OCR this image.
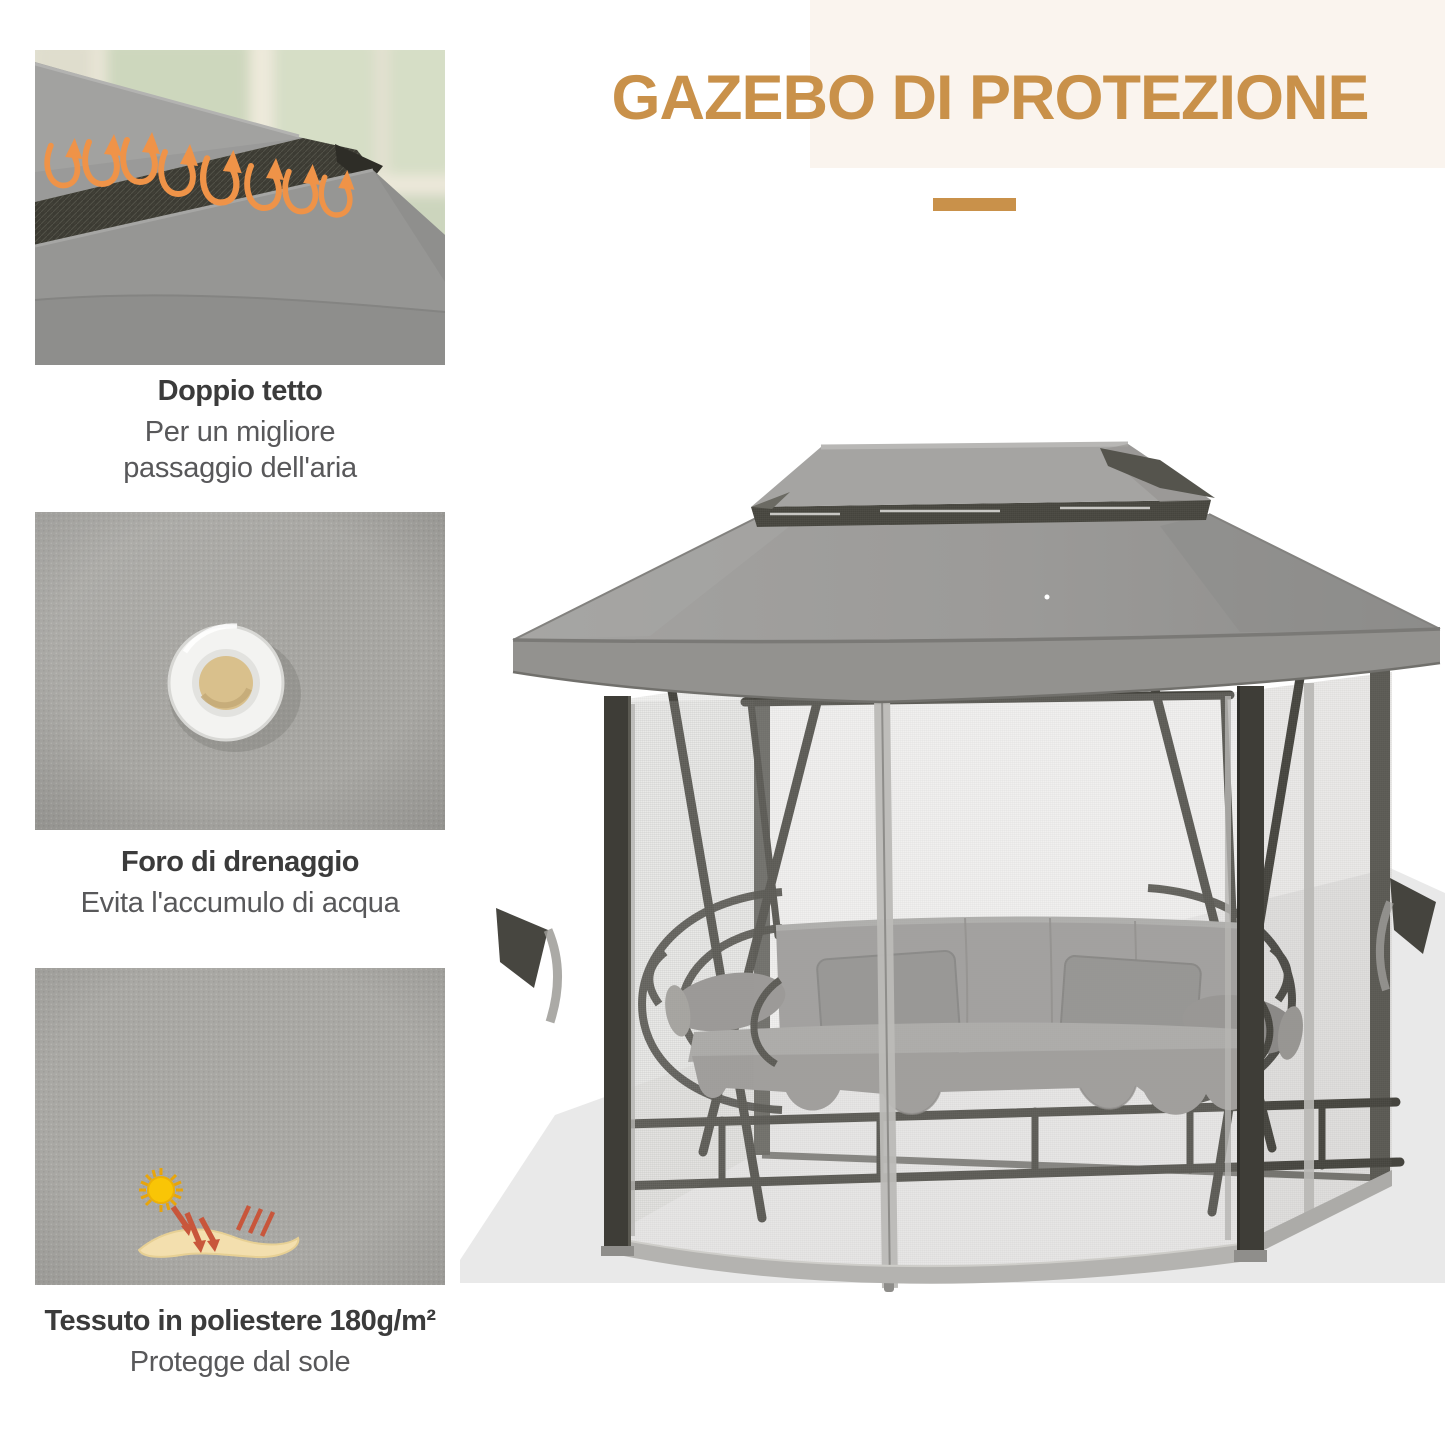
GAZEBO DI PROTEZIONE
Doppio tetto

Per un migliore passaggio dell'aria

Foro di drenaggio

Evita l'accumulo di acqua

Tessuto in poliestere 180g/m²

Protegge dal sole
